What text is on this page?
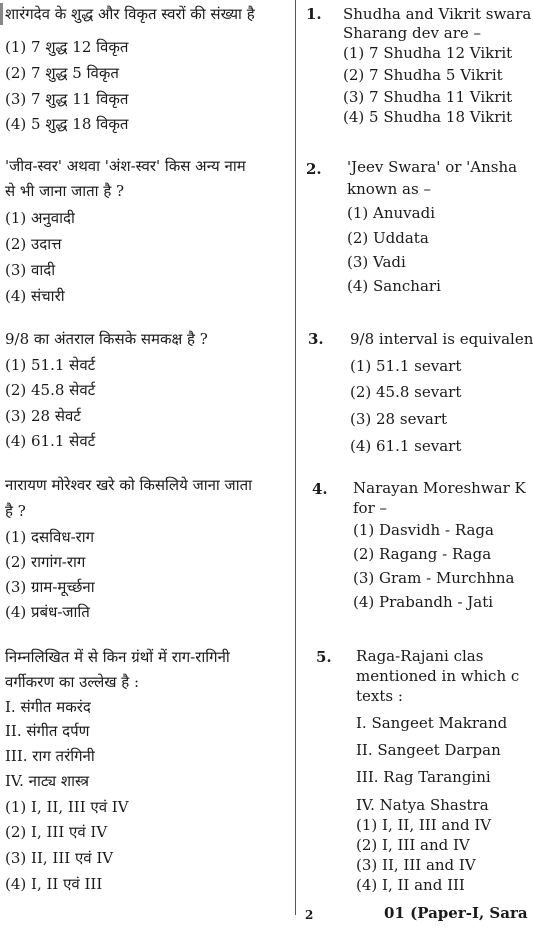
शारंगदेव के शुद्ध और विकृत स्वरों की संख्या है
(1) 7 शुद्ध 12 विकृत
(2) 7 शुद्ध 5 विकृत
(3) 7 शुद्ध 11 विकृत
(4) 5 शुद्ध 18 विकृत
'जीव-स्वर' अथवा 'अंश-स्वर' किस अन्य नाम
से भी जाना जाता है ?
(1) अनुवादी
(2) उदात्त
(3) वादी
(4) संचारी
9/8 का अंतराल किसके समकक्ष है ?
(1) 51.1 सेवर्ट
(2) 45.8 सेवर्ट
(3) 28 सेवर्ट
(4) 61.1 सेवर्ट
नारायण मोरेश्वर खरे को किसलिये जाना जाता
है ?
(1) दसविध-राग
(2) रागांग-राग
(3) ग्राम-मूर्च्छना
(4) प्रबंध-जाति
निम्नलिखित में से किन ग्रंथों में राग-रागिनी
वर्गीकरण का उल्लेख है :
I. संगीत मकरंद
II. संगीत दर्पण
III. राग तरंगिनी
IV. नाट्य शास्त्र
(1) I, II, III एवं IV
(2) I, III एवं IV
(3) II, III एवं IV
(4) I, II एवं III
1. Shudha and Vikrit swara
Sharang dev are –
(1) 7 Shudha 12 Vikrit
(2) 7 Shudha 5 Vikrit
(3) 7 Shudha 11 Vikrit
(4) 5 Shudha 18 Vikrit
2. 'Jeev Swara' or 'Ansha
known as –
(1) Anuvadi
(2) Uddata
(3) Vadi
(4) Sanchari
3. 9/8 interval is equivalen
(1) 51.1 sevart
(2) 45.8 sevart
(3) 28 sevart
(4) 61.1 sevart
4. Narayan Moreshwar K
for –
(1) Dasvidh - Raga
(2) Ragang - Raga
(3) Gram - Murchhna
(4) Prabandh - Jati
5. Raga-Rajani clas
mentioned in which c
texts :
I. Sangeet Makrand
II. Sangeet Darpan
III. Rag Tarangini
IV. Natya Shastra
(1) I, II, III and IV
(2) I, III and IV
(3) II, III and IV
(4) I, II and III
2	01 (Paper-I, Sara
